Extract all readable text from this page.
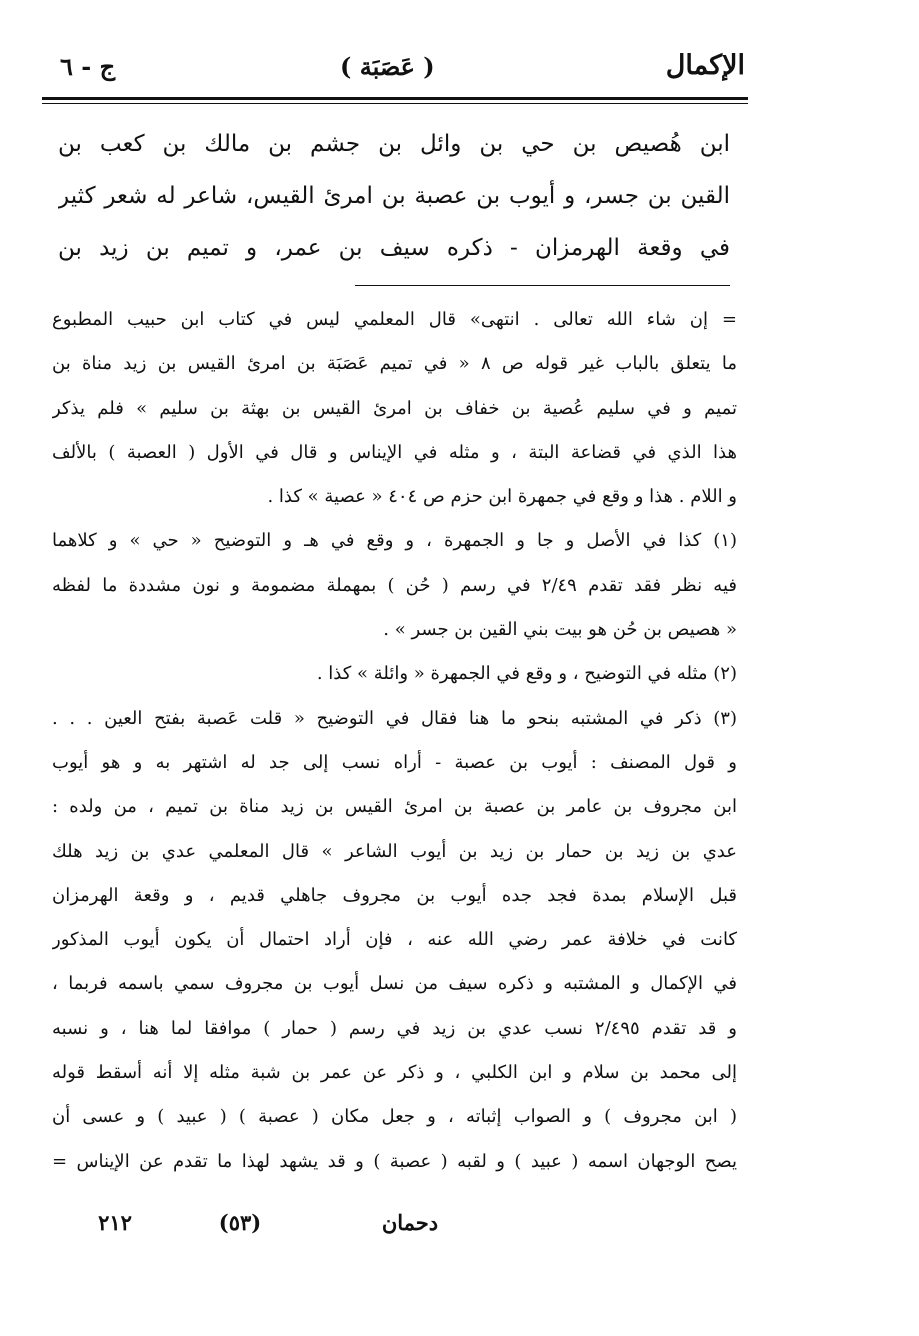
الإكمال
( عَصَبَة )
ج - ٦
ابن هُصيص بن حي بن وائل بن جشم بن مالك بن كعب بن
القين بن جسر، و أيوب بن عصبة بن امرئ القيس، شاعر له شعر كثير
في وقعة الهرمزان - ذكره سيف بن عمر، و تميم بن زيد بن
= إن شاء الله تعالى . انتهى» قال المعلمي ليس في كتاب ابن حبيب المطبوع
ما يتعلق بالباب غير قوله ص ٨ « في تميم عَصَبَة بن امرئ القيس بن زيد مناة بن
تميم و في سليم عُصية بن خفاف بن امرئ القيس بن بهثة بن سليم » فلم يذكر
هذا الذي في قضاعة البتة ، و مثله في الإيناس و قال في الأول ( العصبة ) بالألف
و اللام . هذا و وقع في جمهرة ابن حزم ص ٤٠٤ « عصية » كذا .
(١) كذا في الأصل و جا و الجمهرة ، و وقع في هـ و التوضيح « حي » و كلاهما
فيه نظر فقد تقدم ٢/٤٩ في رسم ( حُن ) بمهملة مضمومة و نون مشددة ما لفظه
« هصيص بن حُن هو بيت بني القين بن جسر » .
(٢) مثله في التوضيح ، و وقع في الجمهرة « وائلة » كذا .
(٣) ذكر في المشتبه بنحو ما هنا فقال في التوضيح « قلت عَصبة بفتح العين . . .
و قول المصنف : أيوب بن عصبة - أراه نسب إلى جد له اشتهر به و هو أيوب
ابن مجروف بن عامر بن عصبة بن امرئ القيس بن زيد مناة بن تميم ، من ولده :
عدي بن زيد بن حمار بن زيد بن أيوب الشاعر » قال المعلمي عدي بن زيد هلك
قبل الإسلام بمدة فجد جده أيوب بن مجروف جاهلي قديم ، و وقعة الهرمزان
كانت في خلافة عمر رضي الله عنه ، فإن أراد احتمال أن يكون أيوب المذكور
في الإكمال و المشتبه و ذكره سيف من نسل أيوب بن مجروف سمي باسمه فربما ،
و قد تقدم ٢/٤٩٥ نسب عدي بن زيد في رسم ( حمار ) موافقا لما هنا ، و نسبه
إلى محمد بن سلام و ابن الكلبي ، و ذكر عن عمر بن شبة مثله إلا أنه أسقط قوله
( ابن مجروف ) و الصواب إثباته ، و جعل مكان ( عصبة ) ( عبيد ) و عسى أن
يصح الوجهان اسمه ( عبيد ) و لقبه ( عصبة ) و قد يشهد لهذا ما تقدم عن الإيناس =
٢١٢	(٥٣)	دحمان
